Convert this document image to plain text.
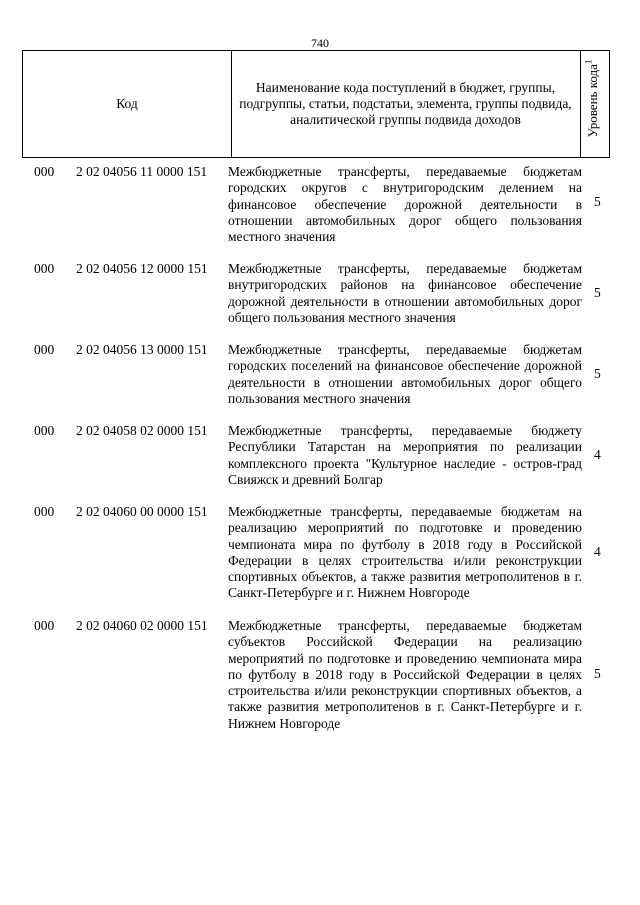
740
Код
Наименование кода поступлений в бюджет, группы, подгруппы, статьи, подстатьи, элемента, группы подвида, аналитической группы подвида доходов	Уровень кода$^1$
000 2 02 04056 11 0000 151 Межбюджетные трансферты, передаваемые бюджетам городских округов с внутригородским делением на финансовое обеспечение дорожной деятельности в отношении автомобильных дорог общего пользования местного значения
5
000 2 02 04056 12 0000 151 Межбюджетные трансферты, передаваемые бюджетам внутригородских районов на финансовое обеспечение дорожной деятельности в отношении автомобильных дорог общего пользования местного значения
5
000 2 02 04056 13 0000 151 Межбюджетные трансферты, передаваемые бюджетам городских поселений на финансовое обеспечение дорожной деятельности в отношении автомобильных дорог общего пользования местного значения
5
000 2 02 04058 02 0000 151 Межбюджетные трансферты, передаваемые бюджету Республики Татарстан на мероприятия по реализации комплексного проекта "Культурное наследие - остров-град Свияжск и древний Болгар
4
000 2 02 04060 00 0000 151 Межбюджетные трансферты, передаваемые бюджетам на реализацию мероприятий по подготовке и проведению чемпионата мира по футболу в 2018 году в Российской Федерации в целях строительства и/или реконструкции спортивных объектов, а также развития метрополитенов в г. Санкт-Петербурге и г. Нижнем Новгороде
4
000 2 02 04060 02 0000 151 Межбюджетные трансферты, передаваемые бюджетам субъектов Российской Федерации на реализацию мероприятий по подготовке и проведению чемпионата мира по футболу в 2018 году в Российской Федерации в целях строительства и/или реконструкции спортивных объектов, а также развития метрополитенов в г. Санкт-Петербурге и г. Нижнем Новгороде
5
